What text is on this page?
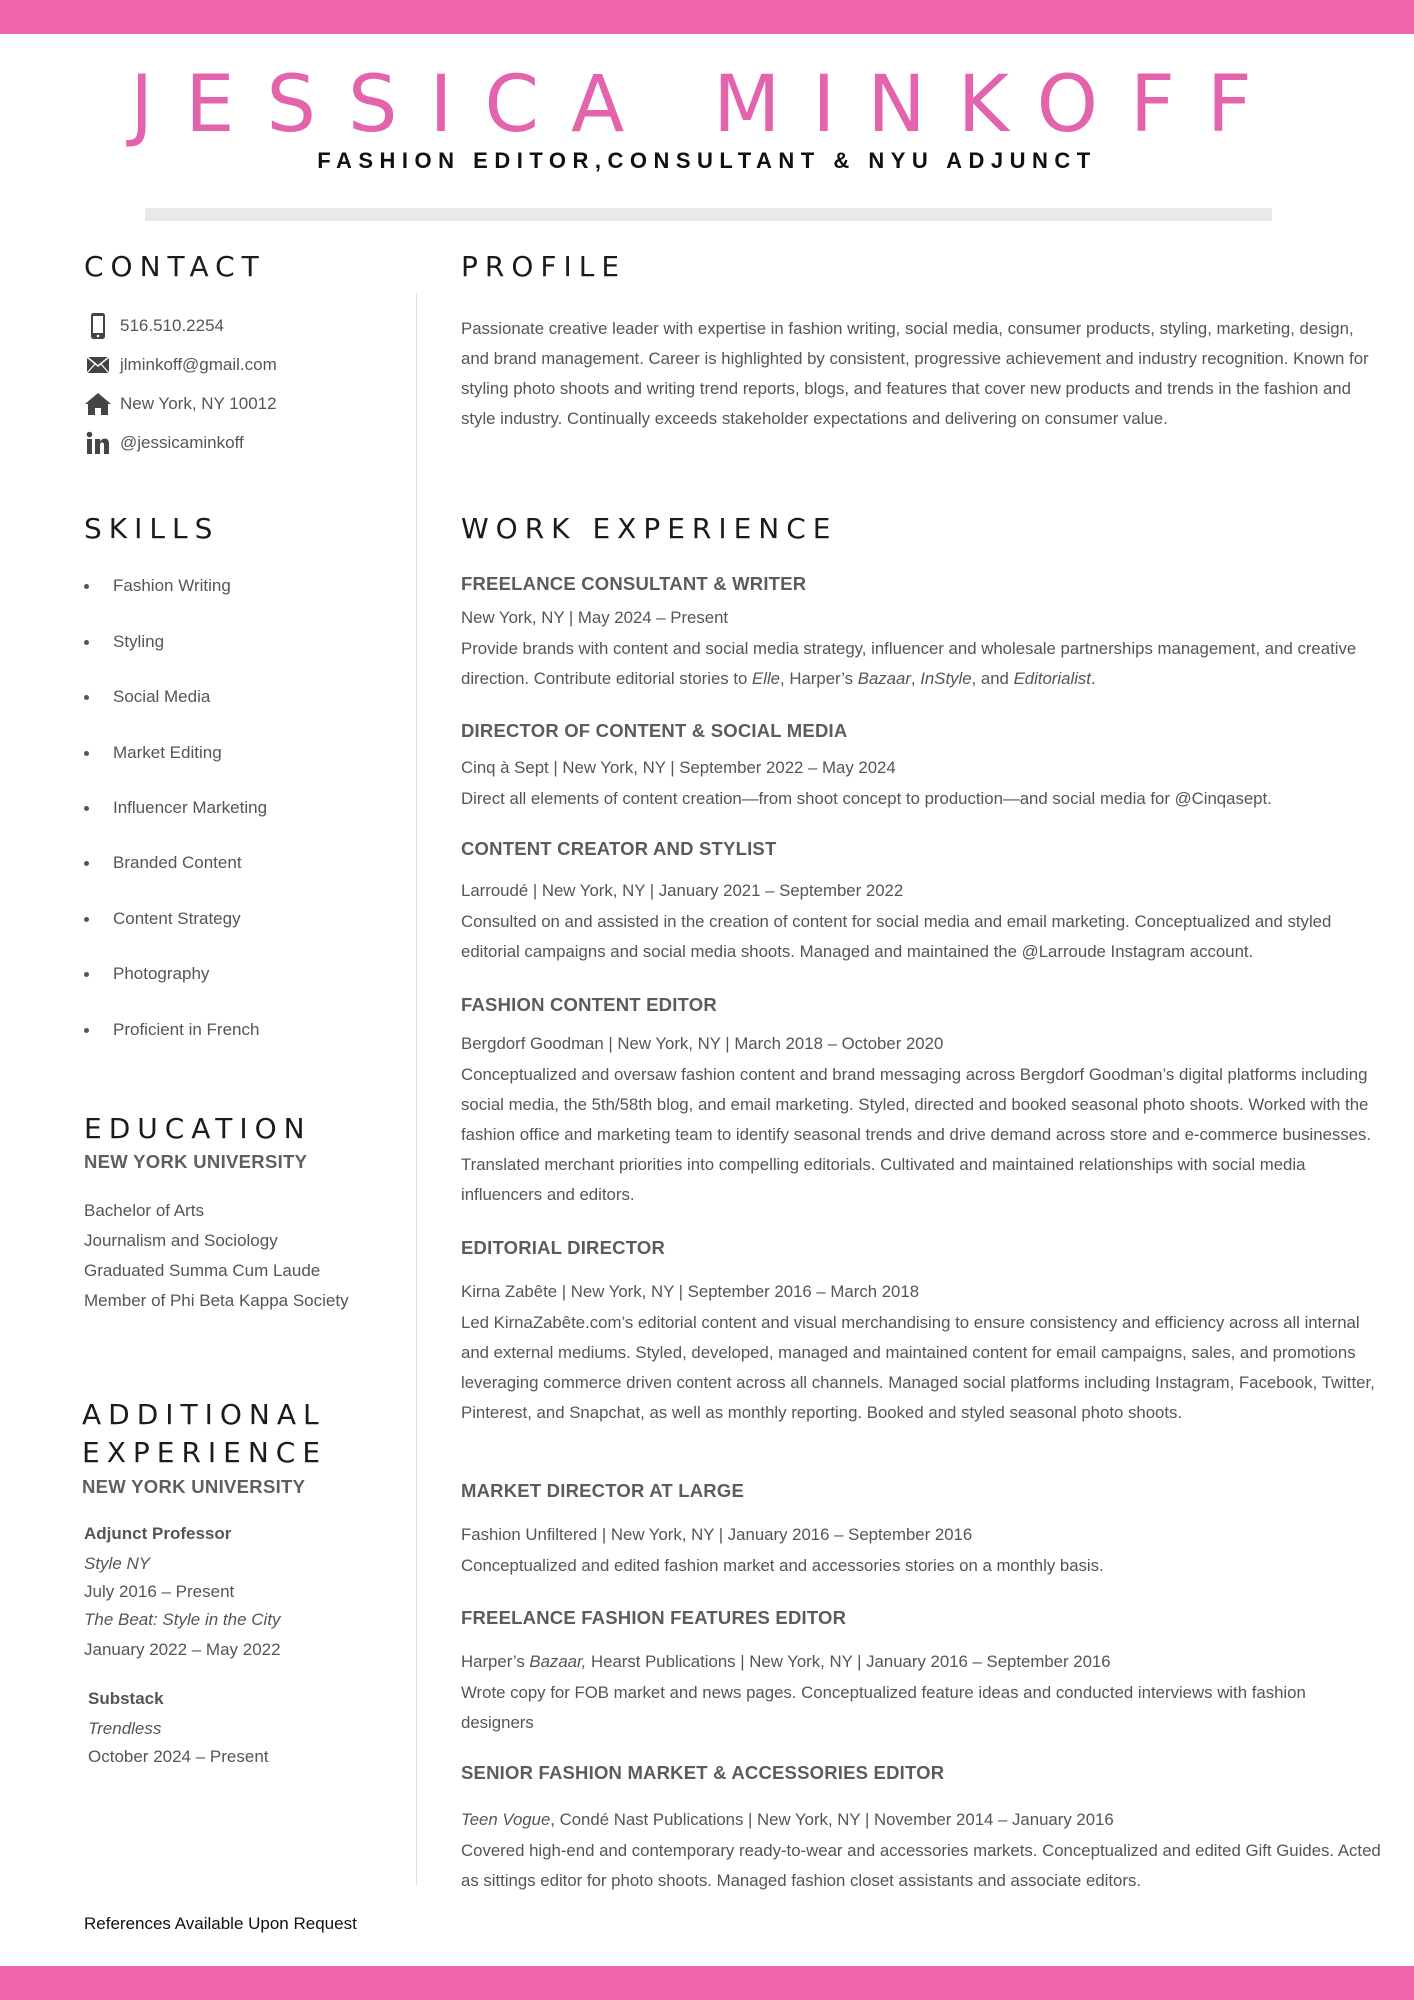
JESSICA MINKOFF
FASHION EDITOR,CONSULTANT & NYU ADJUNCT
CONTACT
516.510.2254
jlminkoff@gmail.com
New York, NY 10012
@jessicaminkoff
SKILLS
Fashion Writing
Styling
Social Media
Market Editing
Influencer Marketing
Branded Content
Content Strategy
Photography
Proficient in French
EDUCATION
NEW YORK UNIVERSITY
Bachelor of Arts
Journalism and Sociology
Graduated Summa Cum Laude
Member of Phi Beta Kappa Society
ADDITIONAL
EXPERIENCE
NEW YORK UNIVERSITY
Adjunct Professor
Style NY
July 2016 – Present
The Beat: Style in the City
January 2022 – May 2022
Substack
Trendless
October 2024 – Present
PROFILE
Passionate creative leader with expertise in fashion writing, social media, consumer products, styling, marketing, design, and brand management. Career is highlighted by consistent, progressive achievement and industry recognition. Known for styling photo shoots and writing trend reports, blogs, and features that cover new products and trends in the fashion and style industry. Continually exceeds stakeholder expectations and delivering on consumer value.
WORK EXPERIENCE
FREELANCE CONSULTANT & WRITER
New York, NY | May 2024 – Present
Provide brands with content and social media strategy, influencer and wholesale partnerships management, and creative direction. Contribute editorial stories to Elle, Harper’s Bazaar, InStyle, and Editorialist.
DIRECTOR OF CONTENT & SOCIAL MEDIA
Cinq à Sept | New York, NY | September 2022 – May 2024
Direct all elements of content creation—from shoot concept to production—and social media for @Cinqasept.
CONTENT CREATOR AND STYLIST
Larroudé | New York, NY | January 2021 – September 2022
Consulted on and assisted in the creation of content for social media and email marketing. Conceptualized and styled editorial campaigns and social media shoots. Managed and maintained the @Larroude Instagram account.
FASHION CONTENT EDITOR
Bergdorf Goodman | New York, NY | March 2018 – October 2020
Conceptualized and oversaw fashion content and brand messaging across Bergdorf Goodman’s digital platforms including social media, the 5th/58th blog, and email marketing. Styled, directed and booked seasonal photo shoots. Worked with the fashion office and marketing team to identify seasonal trends and drive demand across store and e-commerce businesses. Translated merchant priorities into compelling editorials. Cultivated and maintained relationships with social media influencers and editors.
EDITORIAL DIRECTOR
Kirna Zabête | New York, NY | September 2016 – March 2018
Led KirnaZabête.com’s editorial content and visual merchandising to ensure consistency and efficiency across all internal and external mediums. Styled, developed, managed and maintained content for email campaigns, sales, and promotions leveraging commerce driven content across all channels. Managed social platforms including Instagram, Facebook, Twitter, Pinterest, and Snapchat, as well as monthly reporting. Booked and styled seasonal photo shoots.
MARKET DIRECTOR AT LARGE
Fashion Unfiltered | New York, NY | January 2016 – September 2016
Conceptualized and edited fashion market and accessories stories on a monthly basis.
FREELANCE FASHION FEATURES EDITOR
Harper’s Bazaar, Hearst Publications | New York, NY | January 2016 – September 2016
Wrote copy for FOB market and news pages. Conceptualized feature ideas and conducted interviews with fashion designers
SENIOR FASHION MARKET & ACCESSORIES EDITOR
Teen Vogue, Condé Nast Publications | New York, NY | November 2014 – January 2016
Covered high-end and contemporary ready-to-wear and accessories markets. Conceptualized and edited Gift Guides. Acted as sittings editor for photo shoots. Managed fashion closet assistants and associate editors.
References Available Upon Request
